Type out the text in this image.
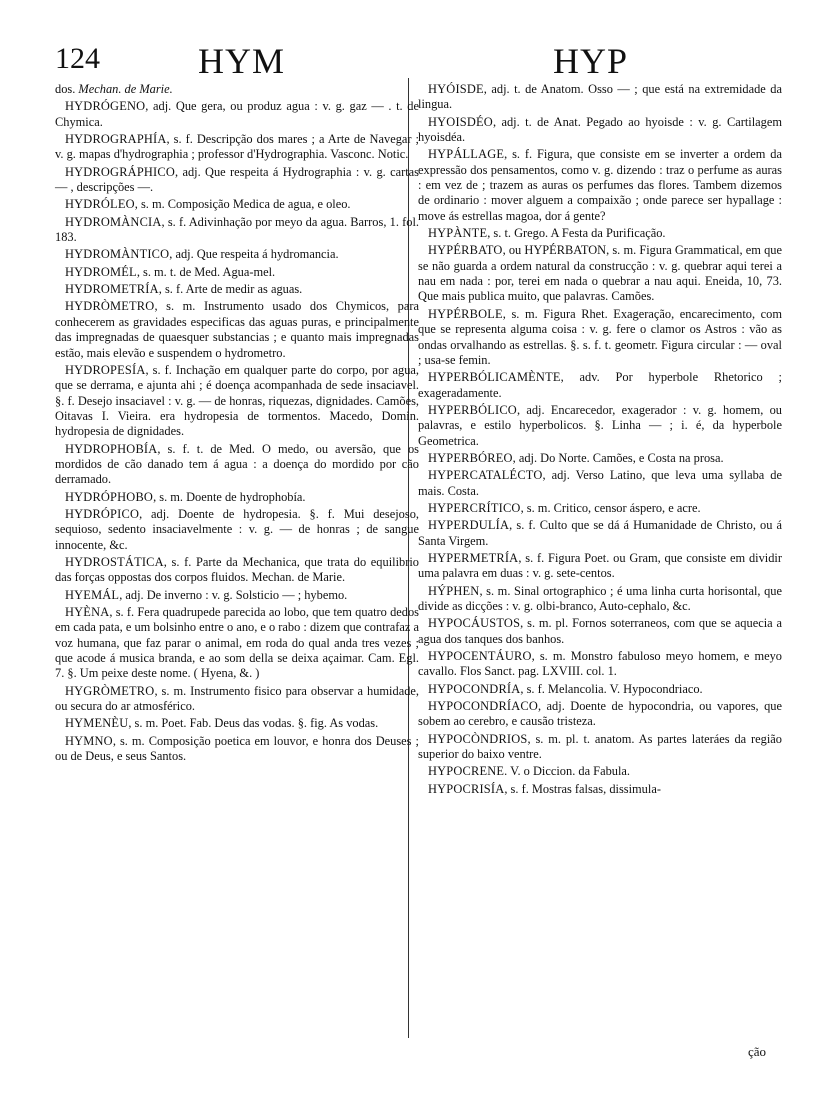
124	HYM	HYP

dos. Mechan. de Marie.

HYDRÓGENO, adj. Que gera, ou produz agua : v. g. gaz — . t. de Chymica.

HYDROGRAPHÍA, s. f. Descripção dos mares ; a Arte de Navegar ; v. g. mapas d'hydrographia ; professor d'Hydrographia. Vasconc. Notic.

HYDROGRÁPHICO, adj. Que respeita á Hydrographia : v. g. cartas — , descripções —.

HYDRÓLEO, s. m. Composição Medica de agua, e oleo.

HYDROMÀNCIA, s. f. Adivinhação por meyo da agua. Barros, 1. fol. 183.

HYDROMÀNTICO, adj. Que respeita á hydromancia.

HYDROMÉL, s. m. t. de Med. Agua-mel.

HYDROMETRÍA, s. f. Arte de medir as aguas.

HYDRÒMETRO, s. m. Instrumento usado dos Chymicos, para conhecerem as gravidades especificas das aguas puras, e principalmente das impregnadas de quaesquer substancias ; e quanto mais impregnadas estão, mais elevão e suspendem o hydrometro.

HYDROPESÍA, s. f. Inchação em qualquer parte do corpo, por agua, que se derrama, e ajunta ahi ; é doença acompanhada de sede insaciavel. §. f. Desejo insaciavel : v. g. — de honras, riquezas, dignidades. Camões, Oitavas I. Vieira. era hydropesia de tormentos. Macedo, Domin. hydropesia de dignidades.

HYDROPHOBÍA, s. f. t. de Med. O medo, ou aversão, que os mordidos de cão danado tem á agua : a doença do mordido por cão derramado.

HYDRÓPHOBO, s. m. Doente de hydrophobía.

HYDRÓPICO, adj. Doente de hydropesia. §. f. Mui desejoso, sequioso, sedento insaciavelmente : v. g. — de honras ; de sangue innocente, &c.

HYDROSTÁTICA, s. f. Parte da Mechanica, que trata do equilibrio das forças oppostas dos corpos fluidos. Mechan. de Marie.

HYEMÁL, adj. De inverno : v. g. Solsticio — ; hybemo.

HYÈNA, s. f. Fera quadrupede parecida ao lobo, que tem quatro dedos em cada pata, e um bolsinho entre o ano, e o rabo : dizem que contrafaz a voz humana, que faz parar o animal, em roda do qual anda tres vezes ; que acode á musica branda, e ao som della se deixa açaimar. Cam. Egl. 7. §. Um peixe deste nome. ( Hyena, &. )

HYGRÒMETRO, s. m. Instrumento fisico para observar a humidade, ou secura do ar atmosférico.

HYMENÈU, s. m. Poet. Fab. Deus das vodas. §. fig. As vodas.

HYMNO, s. m. Composição poetica em louvor, e honra dos Deuses ; ou de Deus, e seus Santos.

HYÓISDE, adj. t. de Anatom. Osso — ; que está na extremidade da lingua.

HYOISDÉO, adj. t. de Anat. Pegado ao hyoisde : v. g. Cartilagem hyoisdéa.

HYPÁLLAGE, s. f. Figura, que consiste em se inverter a ordem da expressão dos pensamentos, como v. g. dizendo : traz o perfume as auras : em vez de ; trazem as auras os perfumes das flores. Tambem dizemos de ordinario : mover alguem a compaixão ; onde parece ser hypallage : move ás estrellas magoa, dor á gente?

HYPÀNTE, s. t. Grego. A Festa da Purificação.

HYPÉRBATO, ou HYPÉRBATON, s. m. Figura Grammatical, em que se não guarda a ordem natural da construcção : v. g. quebrar aqui terei a nau em nada : por, terei em nada o quebrar a nau aqui. Eneida, 10, 73. Que mais publica muito, que palavras. Camões.

HYPÉRBOLE, s. m. Figura Rhet. Exageração, encarecimento, com que se representa alguma coisa : v. g. fere o clamor os Astros : vão as ondas orvalhando as estrellas. §. s. f. t. geometr. Figura circular : — oval ; usa-se femin.

HYPERBÓLICAMÈNTE, adv. Por hyperbole Rhetorico ; exageradamente.

HYPERBÓLICO, adj. Encarecedor, exagerador : v. g. homem, ou palavras, e estilo hyperbolicos. §. Linha — ; i. é, da hyperbole Geometrica.

HYPERBÓREO, adj. Do Norte. Camões, e Costa na prosa.

HYPERCATALÉCTO, adj. Verso Latino, que leva uma syllaba de mais. Costa.

HYPERCRÍTICO, s. m. Critico, censor áspero, e acre.

HYPERDULÍA, s. f. Culto que se dá á Humanidade de Christo, ou á Santa Virgem.

HYPERMETRÍA, s. f. Figura Poet. ou Gram, que consiste em dividir uma palavra em duas : v. g. sete-centos.

HÝPHEN, s. m. Sinal ortographico ; é uma linha curta horisontal, que divide as dicções : v. g. olbi-branco, Auto-cephalo, &c.

HYPOCÁUSTOS, s. m. pl. Fornos soterraneos, com que se aquecia a agua dos tanques dos banhos.

HYPOCENTÁURO, s. m. Monstro fabuloso meyo homem, e meyo cavallo. Flos Sanct. pag. LXVIII. col. 1.

HYPOCONDRÍA, s. f. Melancolia. V. Hypocondriaco.

HYPOCONDRÍACO, adj. Doente de hypocondria, ou vapores, que sobem ao cerebro, e causão tristeza.

HYPOCÒNDRIOS, s. m. pl. t. anatom. As partes lateráes da região superior do baixo ventre.

HYPOCRENE. V. o Diccion. da Fabula.

HYPOCRISÍA, s. f. Mostras falsas, dissimula-

ção
